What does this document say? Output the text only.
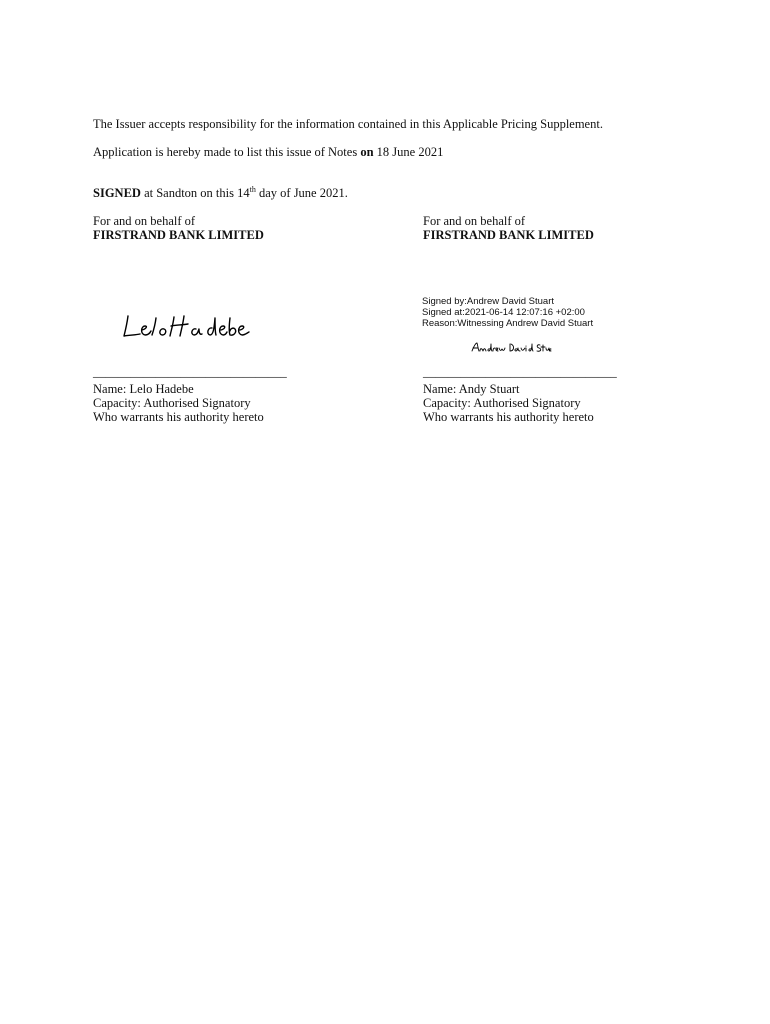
The Issuer accepts responsibility for the information contained in this Applicable Pricing Supplement.
Application is hereby made to list this issue of Notes on 18 June 2021
SIGNED at Sandton on this 14th day of June 2021.
For and on behalf of
FIRSTRAND BANK LIMITED
_______________________________
Name: Lelo Hadebe
Capacity: Authorised Signatory
Who warrants his authority hereto
For and on behalf of
FIRSTRAND BANK LIMITED
Signed by:Andrew David Stuart
Signed at:2021-06-14 12:07:16 +02:00
Reason:Witnessing Andrew David Stuart
_______________________________
Name: Andy Stuart
Capacity: Authorised Signatory
Who warrants his authority hereto
